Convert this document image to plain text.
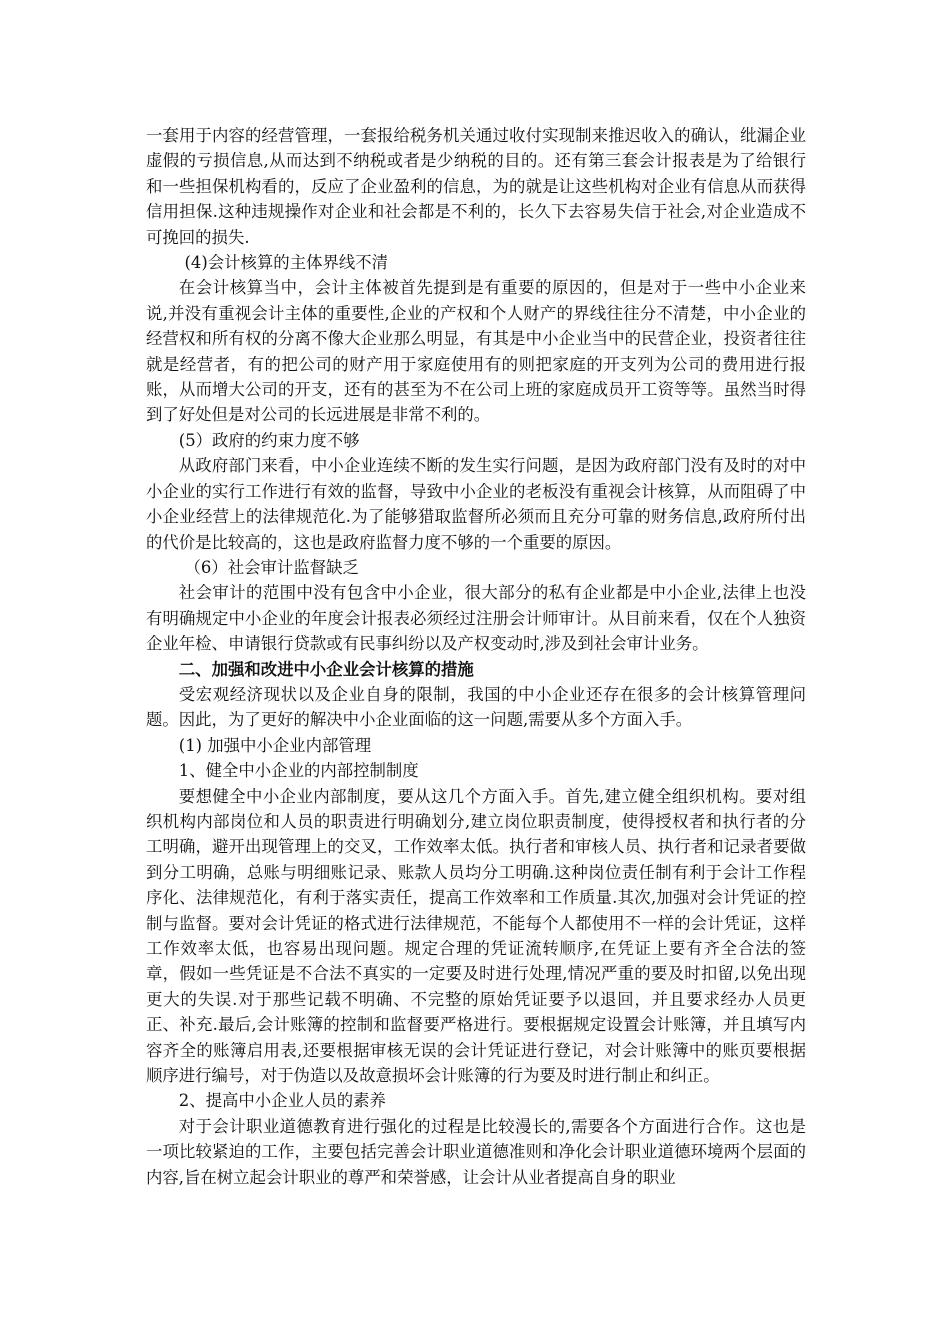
一套用于内容的经营管理，一套报给税务机关通过收付实现制来推迟收入的确认，纰漏企业虚假的亏损信息,从而达到不纳税或者是少纳税的目的。还有第三套会计报表是为了给银行和一些担保机构看的，反应了企业盈利的信息，为的就是让这些机构对企业有信息从而获得信用担保.这种违规操作对企业和社会都是不利的，长久下去容易失信于社会,对企业造成不可挽回的损失.

(4)会计核算的主体界线不清

在会计核算当中，会计主体被首先提到是有重要的原因的，但是对于一些中小企业来说,并没有重视会计主体的重要性,企业的产权和个人财产的界线往往分不清楚，中小企业的经营权和所有权的分离不像大企业那么明显，有其是中小企业当中的民营企业，投资者往往就是经营者，有的把公司的财产用于家庭使用有的则把家庭的开支列为公司的费用进行报账，从而增大公司的开支，还有的甚至为不在公司上班的家庭成员开工资等等。虽然当时得到了好处但是对公司的长远进展是非常不利的。

(5）政府的约束力度不够

从政府部门来看，中小企业连续不断的发生实行问题，是因为政府部门没有及时的对中小企业的实行工作进行有效的监督，导致中小企业的老板没有重视会计核算，从而阻碍了中小企业经营上的法律规范化.为了能够猎取监督所必须而且充分可靠的财务信息,政府所付出的代价是比较高的，这也是政府监督力度不够的一个重要的原因。

（6）社会审计监督缺乏

社会审计的范围中没有包含中小企业，很大部分的私有企业都是中小企业,法律上也没有明确规定中小企业的年度会计报表必须经过注册会计师审计。从目前来看，仅在个人独资企业年检、申请银行贷款或有民事纠纷以及产权变动时,涉及到社会审计业务。

二、加强和改进中小企业会计核算的措施

受宏观经济现状以及企业自身的限制，我国的中小企业还存在很多的会计核算管理问题。因此，为了更好的解决中小企业面临的这一问题,需要从多个方面入手。

(1) 加强中小企业内部管理

1、健全中小企业的内部控制制度

要想健全中小企业内部制度，要从这几个方面入手。首先,建立健全组织机构。要对组织机构内部岗位和人员的职责进行明确划分,建立岗位职责制度，使得授权者和执行者的分工明确，避开出现管理上的交叉，工作效率太低。执行者和审核人员、执行者和记录者要做到分工明确，总账与明细账记录、账款人员均分工明确.这种岗位责任制有利于会计工作程序化、法律规范化，有利于落实责任，提高工作效率和工作质量.其次,加强对会计凭证的控制与监督。要对会计凭证的格式进行法律规范，不能每个人都使用不一样的会计凭证，这样工作效率太低，也容易出现问题。规定合理的凭证流转顺序,在凭证上要有齐全合法的签章，假如一些凭证是不合法不真实的一定要及时进行处理,情况严重的要及时扣留,以免出现更大的失误.对于那些记载不明确、不完整的原始凭证要予以退回，并且要求经办人员更正、补充.最后,会计账簿的控制和监督要严格进行。要根据规定设置会计账簿，并且填写内容齐全的账簿启用表,还要根据审核无误的会计凭证进行登记，对会计账簿中的账页要根据顺序进行编号，对于伪造以及故意损坏会计账簿的行为要及时进行制止和纠正。

2、提高中小企业人员的素养

对于会计职业道德教育进行强化的过程是比较漫长的,需要各个方面进行合作。这也是一项比较紧迫的工作，主要包括完善会计职业道德准则和净化会计职业道德环境两个层面的内容,旨在树立起会计职业的尊严和荣誉感，让会计从业者提高自身的职业
